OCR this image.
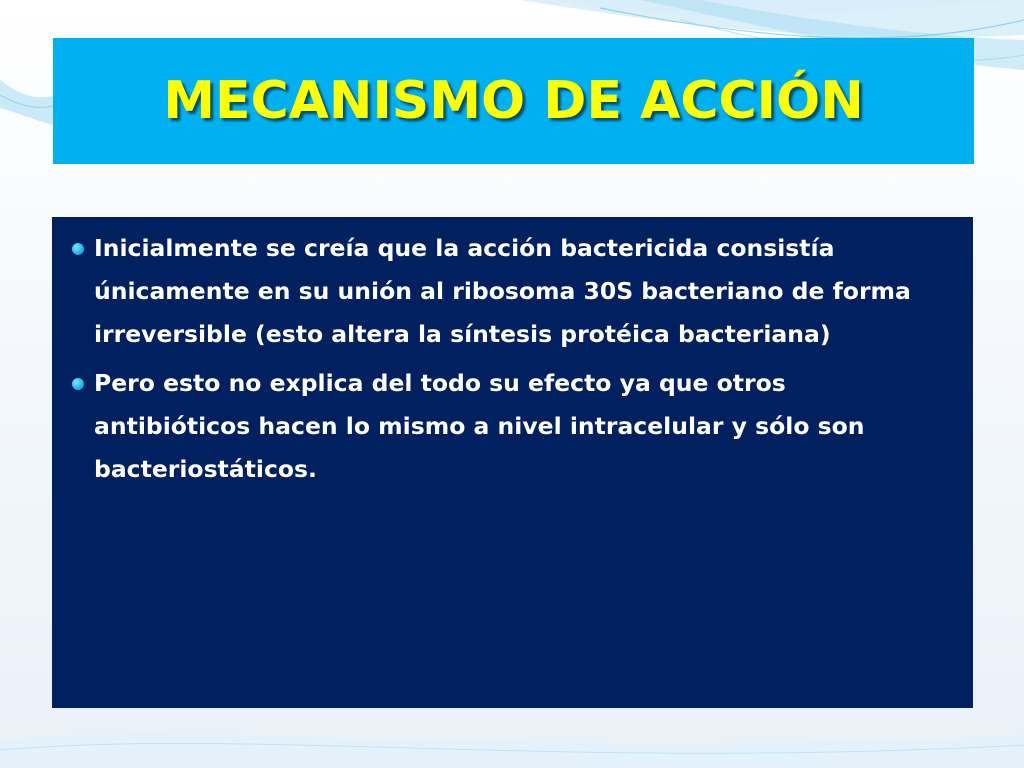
MECANISMO DE ACCIÓN
Inicialmente se creía que la acción bactericida consistía únicamente en su unión al ribosoma 30S bacteriano de forma irreversible (esto altera la síntesis protéica bacteriana)
Pero esto no explica del todo su efecto ya que otros antibióticos hacen lo mismo a nivel intracelular y sólo son bacteriostáticos.
